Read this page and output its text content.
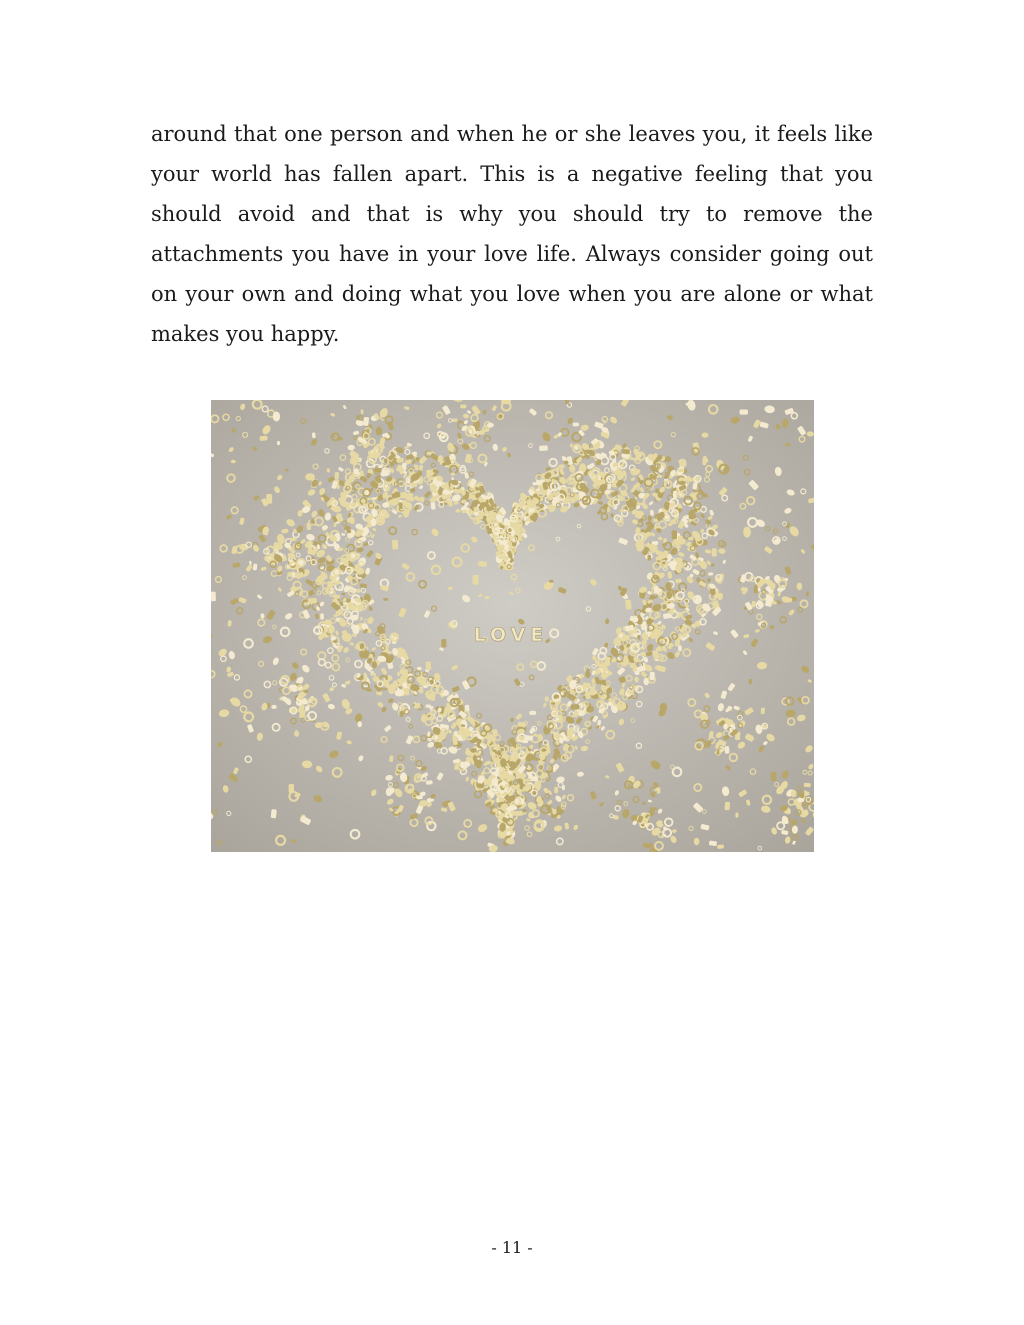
around that one person and when he or she leaves you, it feels like your world has fallen apart. This is a negative feeling that you should avoid and that is why you should try to remove the attachments you have in your love life. Always consider going out on your own and doing what you love when you are alone or what makes you happy.

LOVE
- 11 -
